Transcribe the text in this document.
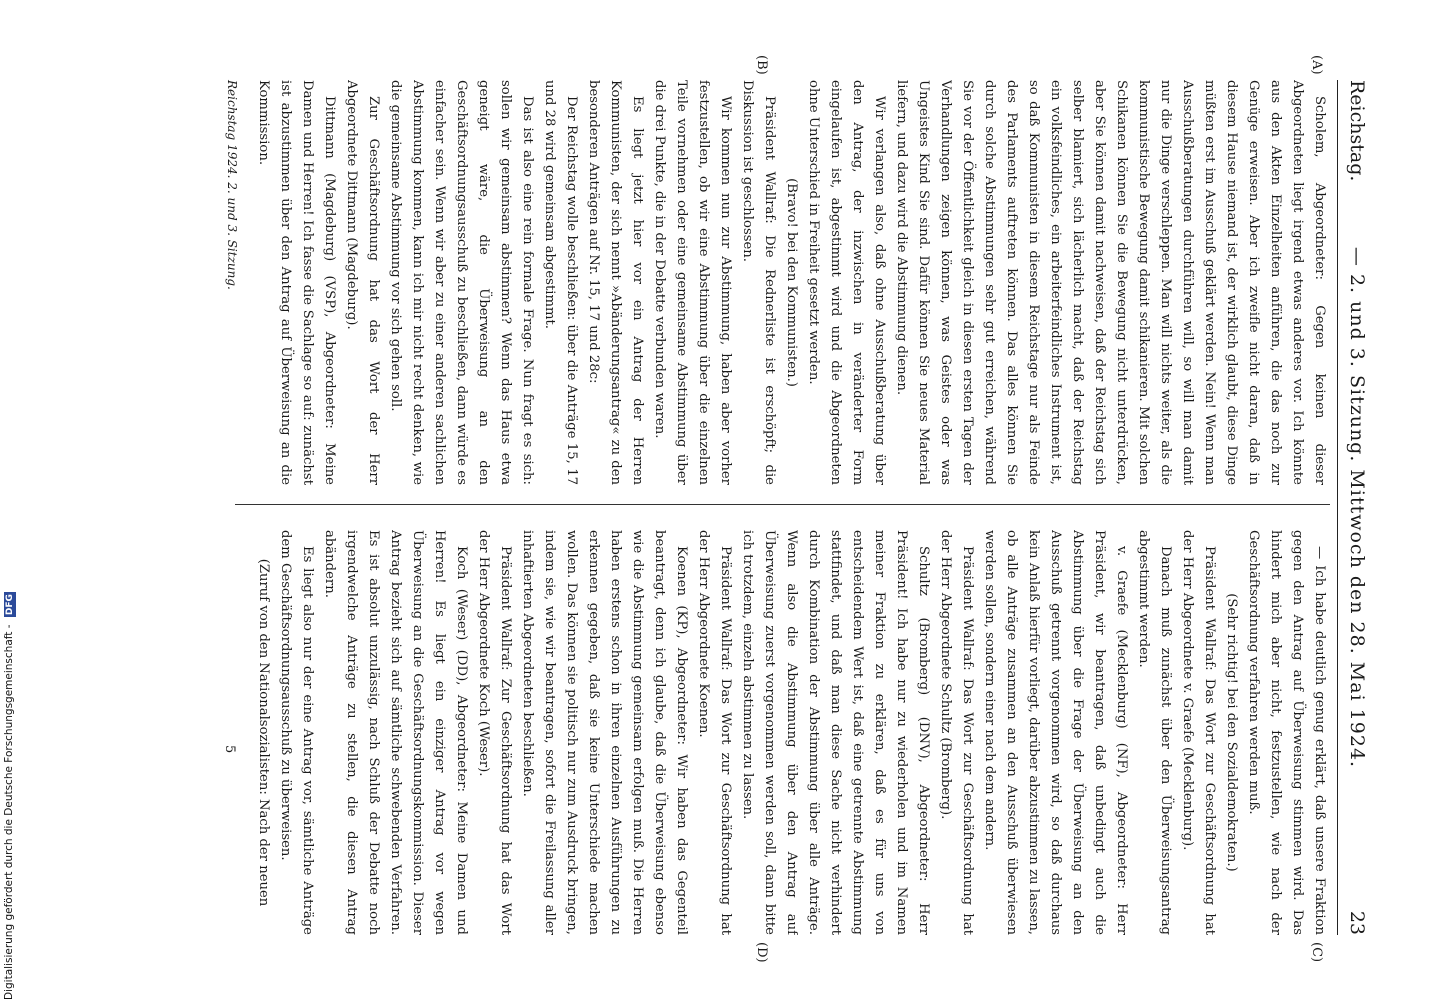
Reichstag.
— 2. und 3. Sitzung. Mittwoch den 28. Mai 1924.
23
(A)
(B)
(C)
(D)

Scholem, Abgeordneter: Gegen keinen dieser Abgeordneten liegt irgend etwas anderes vor. Ich könnte aus den Akten Einzelheiten anführen, die das noch zur Genüge erweisen. Aber ich zweifle nicht daran, daß in diesem Hause niemand ist, der wirklich glaubt, diese Dinge müßten erst im Ausschuß geklärt werden. Nein! Wenn man Ausschußberatungen durchführen will, so will man damit nur die Dinge verschleppen. Man will nichts weiter, als die kommunistische Bewegung damit schikanieren. Mit solchen Schikanen können Sie die Bewegung nicht unterdrücken, aber Sie können damit nachweisen, daß der Reichstag sich selber blamiert, sich lächerlich macht, daß der Reichstag ein volksfeindliches, ein arbeiterfeindliches Instrument ist, so daß Kommunisten in diesem Reichstage nur als Feinde des Parlaments auftreten können. Das alles können Sie durch solche Abstimmungen sehr gut erreichen, während Sie vor der Öffentlichkeit gleich in diesen ersten Tagen der Verhandlungen zeigen können, was Geistes oder was Ungeistes Kind Sie sind. Dafür können Sie neues Material liefern, und dazu wird die Abstimmung dienen.

Wir verlangen also, daß ohne Ausschußberatung über den Antrag, der inzwischen in veränderter Form eingelaufen ist, abgestimmt wird und die Abgeordneten ohne Unterschied in Freiheit gesetzt werden.

(Bravo! bei den Kommunisten.)

Präsident Wallraf: Die Rednerliste ist erschöpft; die Diskussion ist geschlossen.

Wir kommen nun zur Abstimmung, haben aber vorher festzustellen, ob wir eine Abstimmung über die einzelnen Teile vornehmen oder eine gemeinsame Abstimmung über die drei Punkte, die in der Debatte verbunden waren.

Es liegt jetzt hier vor ein Antrag der Herren Kommunisten, der sich nennt »Abänderungsantrag« zu den besonderen Anträgen auf Nr. 15, 17 und 28c:

Der Reichstag wolle beschließen: über die Anträge 15, 17 und 28 wird gemeinsam abgestimmt.

Das ist also eine rein formale Frage. Nun fragt es sich: sollen wir gemeinsam abstimmen? Wenn das Haus etwa geneigt wäre, die Überweisung an den Geschäftsordnungsausschuß zu beschließen, dann würde es einfacher sein. Wenn wir aber zu einer anderen sachlichen Abstimmung kommen, kann ich mir nicht recht denken, wie die gemeinsame Abstimmung vor sich gehen soll.

Zur Geschäftsordnung hat das Wort der Herr Abgeordnete Dittmann (Magdeburg).

Dittmann (Magdeburg) (VSP), Abgeordneter: Meine Damen und Herren! Ich fasse die Sachlage so auf: zunächst ist abzustimmen über den Antrag auf Überweisung an die Kommission.

— Ich habe deutlich genug erklärt, daß unsere Fraktion gegen den Antrag auf Überweisung stimmen wird. Das hindert mich aber nicht, festzustellen, wie nach der Geschäftsordnung verfahren werden muß.

(Sehr richtig! bei den Sozialdemokraten.)

Präsident Wallraf: Das Wort zur Geschäftsordnung hat der Herr Abgeordnete v. Graefe (Mecklenburg).

Danach muß zunächst über den Überweisungsantrag abgestimmt werden.

v. Graefe (Mecklenburg) (NF), Abgeordneter: Herr Präsident, wir beantragen, daß unbedingt auch die Abstimmung über die Frage der Überweisung an den Ausschuß getrennt vorgenommen wird, so daß durchaus kein Anlaß hierfür vorliegt, darüber abzustimmen zu lassen, ob alle Anträge zusammen an den Ausschuß überwiesen werden sollen, sondern einer nach dem andern.

Präsident Wallraf: Das Wort zur Geschäftsordnung hat der Herr Abgeordnete Schultz (Bromberg).

Schultz (Bromberg) (DNV), Abgeordneter: Herr Präsident! Ich habe nur zu wiederholen und im Namen meiner Fraktion zu erklären, daß es für uns von entscheidendem Wert ist, daß eine getrennte Abstimmung stattfindet, und daß man diese Sache nicht verhindert durch Kombination der Abstimmung über alle Anträge. Wenn also die Abstimmung über den Antrag auf Überweisung zuerst vorgenommen werden soll, dann bitte ich trotzdem, einzeln abstimmen zu lassen.

Präsident Wallraf: Das Wort zur Geschäftsordnung hat der Herr Abgeordnete Koenen.

Koenen (KP), Abgeordneter: Wir haben das Gegenteil beantragt, denn ich glaube, daß die Überweisung ebenso wie die Abstimmung gemeinsam erfolgen muß. Die Herren haben erstens schon in ihren einzelnen Ausführungen zu erkennen gegeben, daß sie keine Unterschiede machen wollen. Das können sie politisch nur zum Ausdruck bringen, indem sie, wie wir beantragen, sofort die Freilassung aller inhaftierten Abgeordneten beschließen.

Präsident Wallraf: Zur Geschäftsordnung hat das Wort der Herr Abgeordnete Koch (Weser).

Koch (Weser) (DD), Abgeordneter: Meine Damen und Herren! Es liegt ein einziger Antrag vor wegen Überweisung an die Geschäftsordnungskommission. Dieser Antrag bezieht sich auf sämtliche schwebenden Verfahren. Es ist absolut unzulässig, nach Schluß der Debatte noch irgendwelche Anträge zu stellen, die diesen Antrag abändern.

Es liegt also nur der eine Antrag vor, sämtliche Anträge dem Geschäftsordnungsausschuß zu überweisen.

(Zuruf von den Nationalsozialisten: Nach der neuen

Reichstag 1924. 2. und 3. Sitzung.
5
Digitalisierung gefördert durch die Deutsche Forschungsgemeinschaft - DFG
